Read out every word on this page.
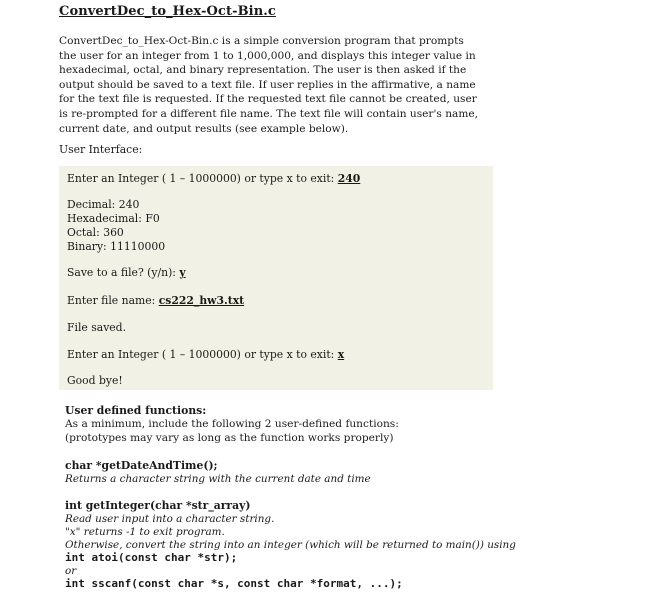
ConvertDec_to_Hex-Oct-Bin.c
ConvertDec_to_Hex-Oct-Bin.c is a simple conversion program that prompts the user for an integer from 1 to 1,000,000, and displays this integer value in hexadecimal, octal, and binary representation. The user is then asked if the output should be saved to a text file. If user replies in the affirmative, a name for the text file is requested. If the requested text file cannot be created, user is re-prompted for a different file name. The text file will contain user's name, current date, and output results (see example below).
User Interface:
Enter an Integer ( 1 – 1000000) or type x to exit: 240
Decimal: 240
Hexadecimal: F0
Octal: 360
Binary: 11110000
Save to a file? (y/n): y
Enter file name: cs222_hw3.txt
File saved.
Enter an Integer ( 1 – 1000000) or type x to exit: x
Good bye!
User defined functions:
As a minimum, include the following 2 user-defined functions:
(prototypes may vary as long as the function works properly)
char *getDateAndTime();
Returns a character string with the current date and time
int getInteger(char *str_array)
Read user input into a character string.
"x" returns -1 to exit program.
Otherwise, convert the string into an integer (which will be returned to main()) using
int atoi(const char *str);
or
int sscanf(const char *s, const char *format, ...);
